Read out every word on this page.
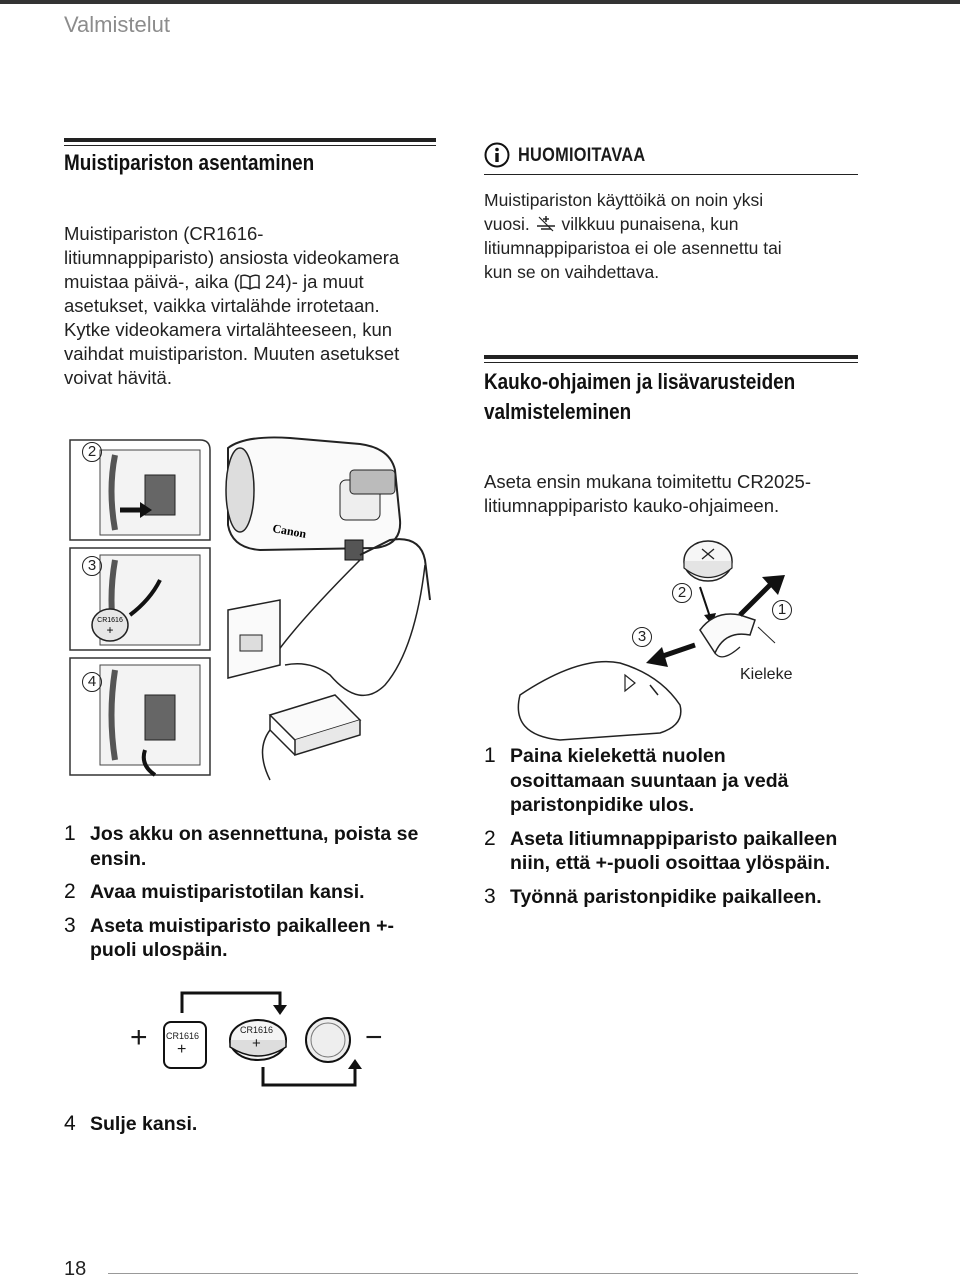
Valmistelut
Muistipariston asentaminen

Muistipariston (CR1616-

litiumnappiparisto) ansiosta videokamera

muistaa päivä-, aika ( 24)- ja muut

asetukset, vaikka virtalähde irrotetaan.

Kytke videokamera virtalähteeseen, kun

vaihdat muistipariston. Muuten asetukset

voivat hävitä.

CR1616
+
Canon
2
3
4
1 Jos akku on asennettuna, poista se ensin.
2 Avaa muistiparistotilan kansi.
3 Aseta muistiparisto paikalleen +-puoli ulospäin.
+	−
CR1616
+
CR1616
+
4 Sulje kansi.
HUOMIOITAVAA

Muistipariston käyttöikä on noin yksi

vuosi.  vilkkuu punaisena, kun

litiumnappiparistoa ei ole asennettu tai

kun se on vaihdettava.

Kauko-ohjaimen ja lisävarusteiden
valmisteleminen

Aseta ensin mukana toimitettu CR2025-

litiumnappiparisto kauko-ohjaimeen.

2
1
3
Kieleke
1 Paina kielekettä nuolen osoittamaan suuntaan ja vedä paristonpidike ulos.
2 Aseta litiumnappiparisto paikalleen niin, että +-puoli osoittaa ylöspäin.
3 Työnnä paristonpidike paikalleen.
18
